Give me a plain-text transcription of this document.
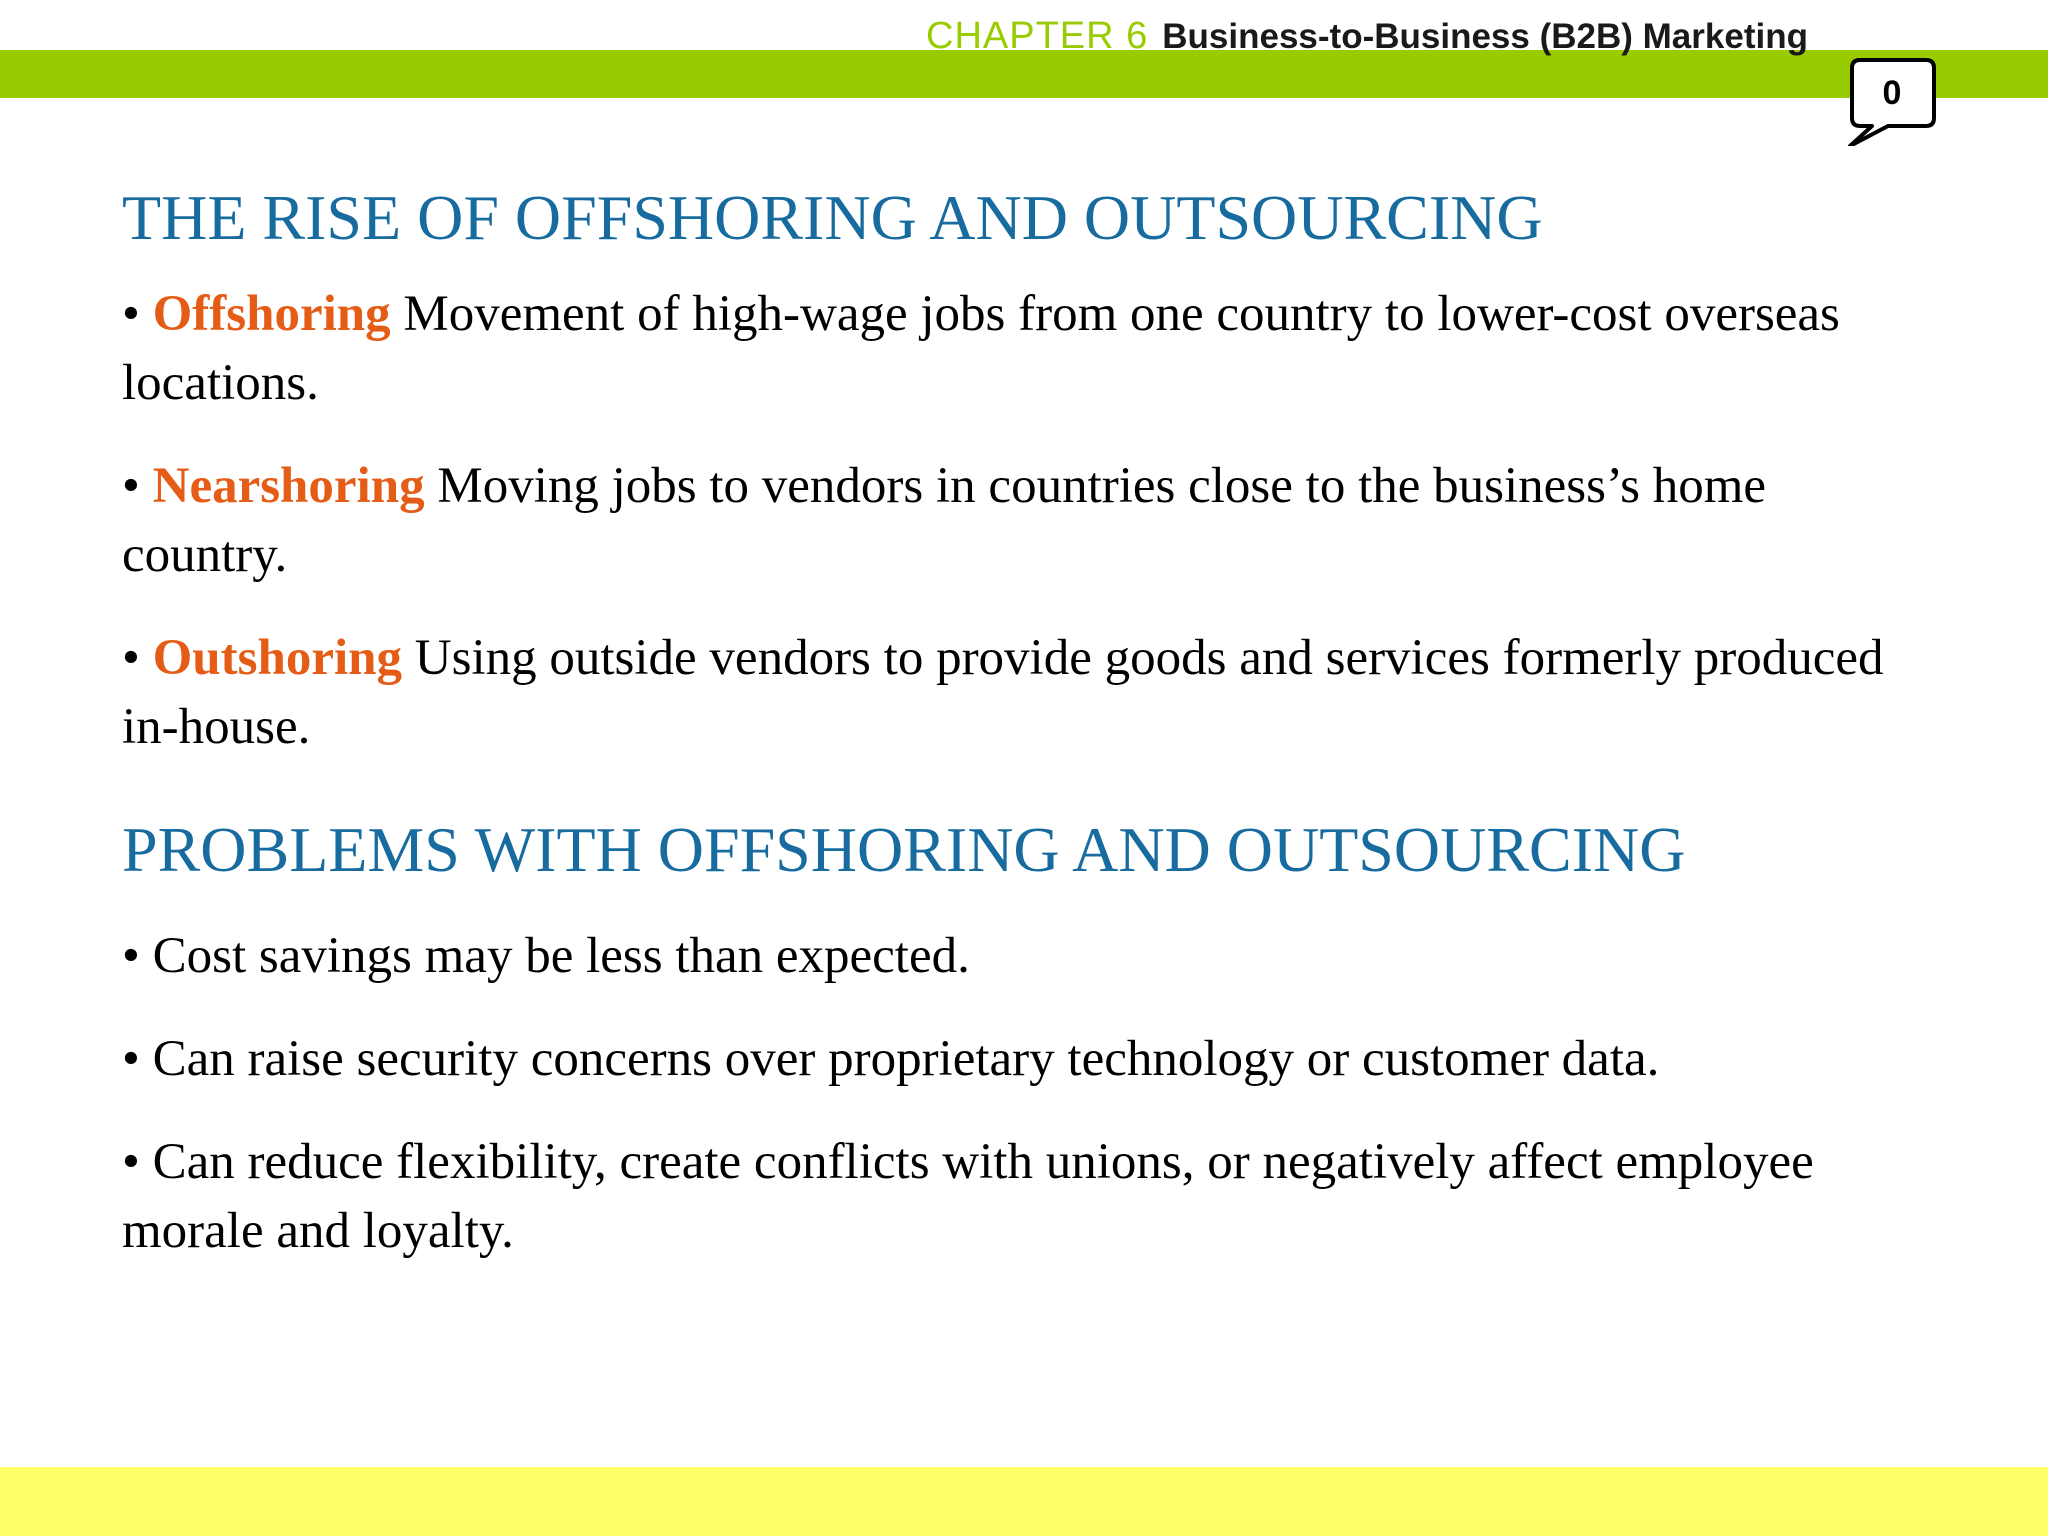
CHAPTER 6 Business-to-Business (B2B) Marketing
0
THE RISE OF OFFSHORING AND OUTSOURCING
• Offshoring Movement of high-wage jobs from one country to lower-cost overseas locations.
• Nearshoring Moving jobs to vendors in countries close to the business’s home country.
• Outshoring Using outside vendors to provide goods and services formerly produced in-house.
PROBLEMS WITH OFFSHORING AND OUTSOURCING
• Cost savings may be less than expected.
• Can raise security concerns over proprietary technology or customer data.
• Can reduce flexibility, create conflicts with unions, or negatively affect employee morale and loyalty.
